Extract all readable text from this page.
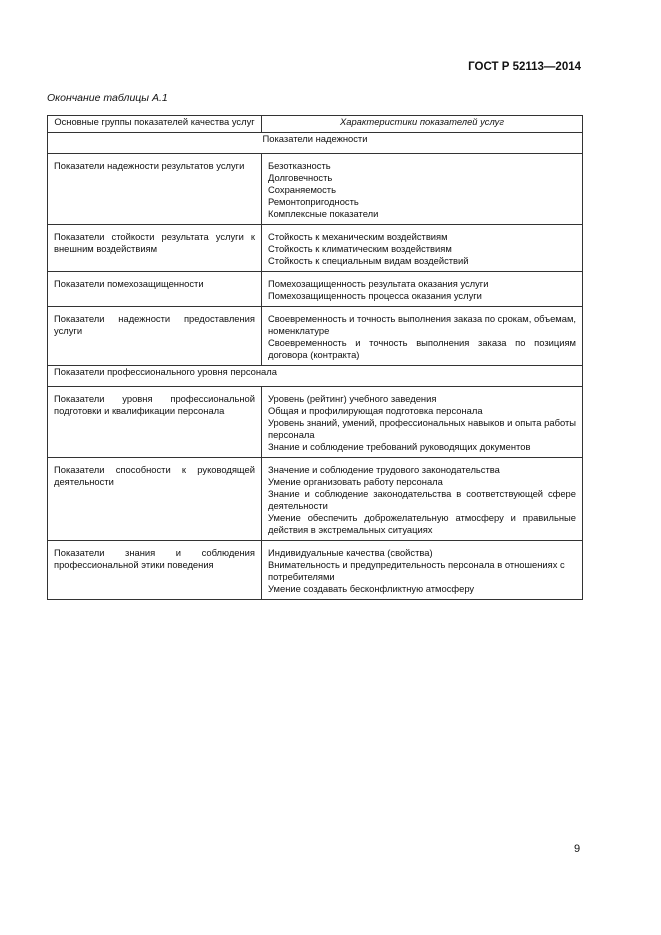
ГОСТ Р 52113—2014
Окончание таблицы А.1
Основные группы показателей качества услуг	Характеристики показателей услуг
Показатели надежности	
Показатели надежности результатов услуги	Безотказность
Долговечность
Сохраняемость
Ремонтопригодность
Комплексные показатели

Показатели стойкости результата услуги к внешним воздействиям	Стойкость к механическим воздействиям
Стойкость к климатическим воздействиям
Стойкость к специальным видам воздействий

Показатели помехозащищенности	Помехозащищенность результата оказания услуги
Помехозащищенность процесса оказания услуги

Показатели надежности предоставления услуги	Своевременность и точность выполнения заказа по срокам, объемам, номенклатуре
Своевременность и точность выполнения заказа по позициям договора (контракта)

Показатели профессионального уровня персонала	
Показатели уровня профессиональной подготовки и квалификации персонала	Уровень (рейтинг) учебного заведения
Общая и профилирующая подготовка персонала
Уровень знаний, умений, профессиональных навыков и опыта работы персонала
Знание и соблюдение требований руководящих документов

Показатели способности к руководящей деятельности	Значение и соблюдение трудового законодательства
Умение организовать работу персонала
Знание и соблюдение законодательства в соответствующей сфере деятельности
Умение обеспечить доброжелательную атмосферу и правильные действия в экстремальных ситуациях

Показатели знания и соблюдения профессиональной этики поведения	Индивидуальные качества (свойства)
Внимательность и предупредительность персонала в отношениях с потребителями
Умение создавать бесконфликтную атмосферу
9
